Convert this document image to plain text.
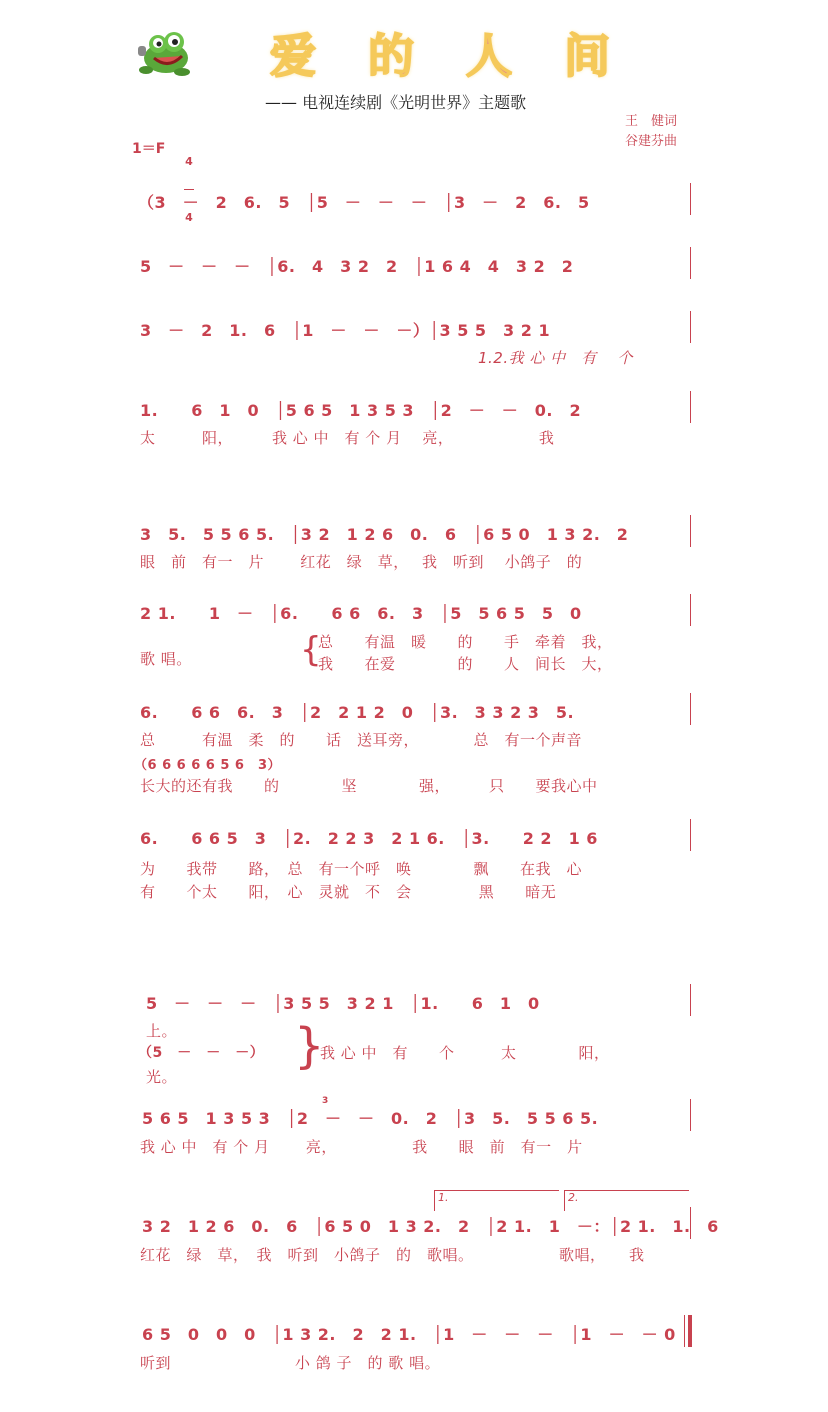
爱 的 人 间
—— 电视连续剧《光明世界》主题歌
王　健词
谷建芬曲
1＝F

4

4

（3　－　2　6.　5　│5　－　－　－　│3　－　2　6.　5
5　－　－　－　│6.　4　3 2　2　│1 6 4　4　3 2　2
3　－　2　1.　6　│1　－　－　－）│3 5 5　3 2 1
1.2.我 心 中　有　 个
1.　　6　1　0　│5 6 5　1 3 5 3　│2　－　－　0.　2
太　　　阳，　　　我 心 中　有 个 月　 亮，　　　　　　我
3　5.　5 5 6 5.　│3 2　1 2 6　0.　6　│6 5 0　1 3 2.　2
眼　前　有一　片　　 红花　绿　草，　 我　听到　 小鸽子　的
2 1.　　1　－　│6.　　6 6　6.　3　│5　5 6 5　5　0
歌 唱。	{
总　　有温　暖　　的　　手　牵着　我，
我　　在爱　　　　的　　人　间长　大，
6.　　6 6　6.　3　│2　2 1 2　0　│3.　3 3 2 3　5.
总　　　有温　柔　的　　话　送耳旁，　　　　总　有一个声音
（6 6 6 6 6 5 6　3）
长大的还有我　　的　　　　坚　　　　强，　　　只　　要我心中
6.　　6 6 5　3　│2.　2 2 3　2 1 6.　│3.　　2 2　1 6
为　　我带　　路，　总　有一个呼　唤　　　　飘　　在我　心
有　　个太　　阳，　心　灵就　不　会　　　　 黑　　暗无
5　－　－　－　│3 5 5　3 2 1　│1.　　6　1　0
上。
（5　－　－　－） }
我 心 中　有　　个　　　太　　　　阳，
光。
5 6 5　1 3 5 3　│2　－　－　0.　2　│3　5.　5 5 6 5.
3
我 心 中　有 个 月　　 亮，　　　　　 我　　眼　前　有一　片
1.	2.
3 2　1 2 6　0.　6　│6 5 0　1 3 2.　2　│2 1.　1　－：│2 1.　1.　6
红花　绿　草，　我　听到　小鸽子　的　歌唱。　　　　　　歌唱，　　我
6 5　0　0　0　│1 3 2.　2　2 1.　│1　－　－　－　│1　－　－ 0
听到　　　　　　　　小 鸽 子　的 歌 唱。
